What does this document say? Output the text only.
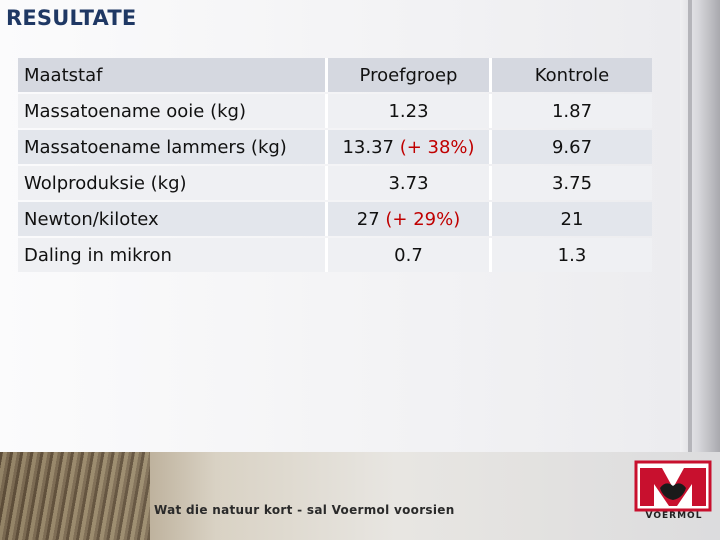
RESULTATE
Maatstaf	Proefgroep	Kontrole
Massatoename ooie (kg)	1.23	1.87
Massatoename lammers (kg)	13.37 (+ 38%)	9.67
Wolproduksie (kg)	3.73	3.75
Newton/kilotex	27 (+ 29%)	21
Daling in mikron	0.7	1.3
Wat die natuur kort - sal Voermol voorsien	VOERMOL
